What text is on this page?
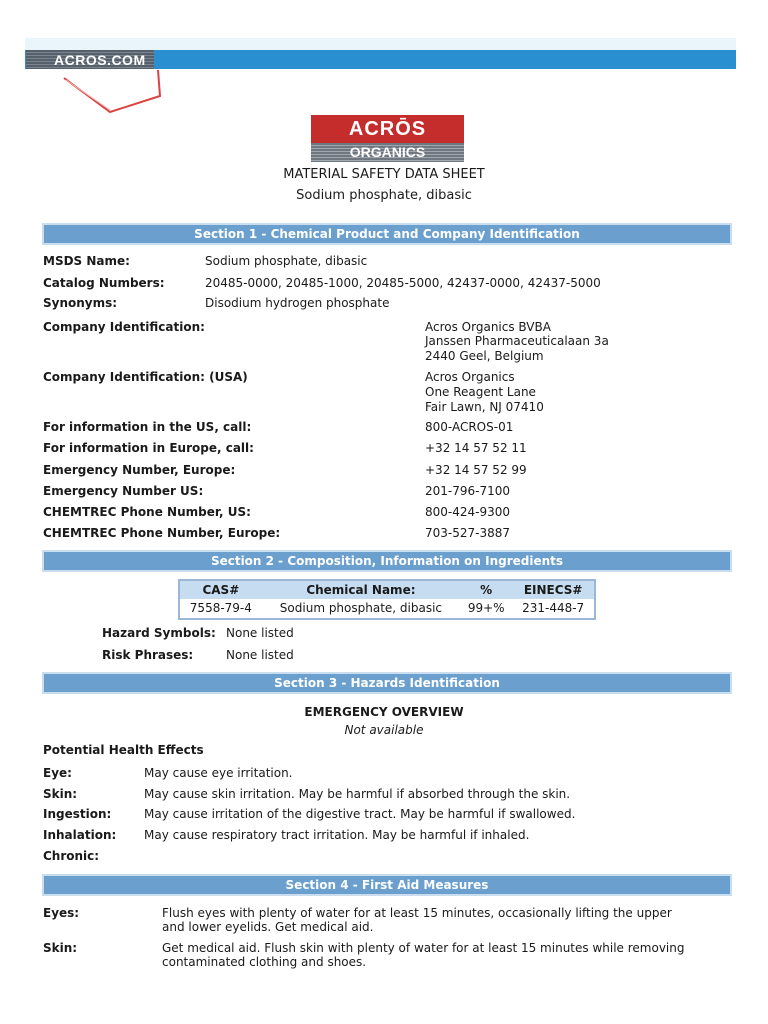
ACROS.COM
ACRŌS
ORGANICS
MATERIAL SAFETY DATA SHEET
Sodium phosphate, dibasic
Section 1 - Chemical Product and Company Identification
MSDS Name:	Sodium phosphate, dibasic
Catalog Numbers:	20485-0000, 20485-1000, 20485-5000, 42437-0000, 42437-5000
Synonyms:	Disodium hydrogen phosphate
Company Identification:	Acros Organics BVBA
Janssen Pharmaceuticalaan 3a
2440 Geel, Belgium
Company Identification: (USA)	Acros Organics
One Reagent Lane
Fair Lawn, NJ 07410
For information in the US, call:	800-ACROS-01
For information in Europe, call:	+32 14 57 52 11
Emergency Number, Europe:	+32 14 57 52 99
Emergency Number US:	201-796-7100
CHEMTREC Phone Number, US:	800-424-9300
CHEMTREC Phone Number, Europe:	703-527-3887
Section 2 - Composition, Information on Ingredients
CAS#	Chemical Name:	%	EINECS#
7558-79-4	Sodium phosphate, dibasic	99+%	231-448-7
Hazard Symbols: None listed
Risk Phrases:	None listed
Section 3 - Hazards Identification
EMERGENCY OVERVIEW
Not available
Potential Health Effects
Eye:	May cause eye irritation.
Skin:	May cause skin irritation. May be harmful if absorbed through the skin.
Ingestion:	May cause irritation of the digestive tract. May be harmful if swallowed.
Inhalation: May cause respiratory tract irritation. May be harmful if inhaled.
Chronic:
Section 4 - First Aid Measures
Eyes:	Flush eyes with plenty of water for at least 15 minutes, occasionally lifting the upper
and lower eyelids. Get medical aid.
Skin:	Get medical aid. Flush skin with plenty of water for at least 15 minutes while removing
contaminated clothing and shoes.
